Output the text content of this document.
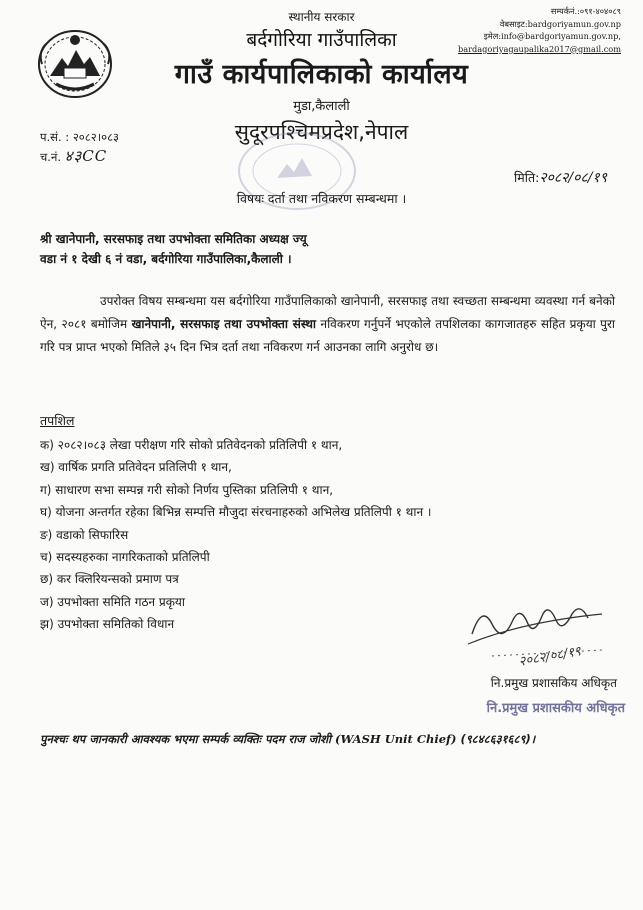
स्थानीय सरकार
बर्दगोरिया गाउँपालिका
गाउँ कार्यपालिकाको कार्यालय
मुडा,कैलाली
सुदूरपश्चिमप्रदेश,नेपाल
सम्पर्कनं.:०९१-४०४०८९
वेबसाइट:bardgoriyamun.gov.np
इमेल:info@bardgoriyamun.gov.np,
bardagoriyagaupalika2017@gmail.com
प.सं. : २०८२।०८३
च.नं. ४३CC
मिति:२०८२/०८/१९
विषयः दर्ता तथा नविकरण सम्बन्धमा ।
श्री खानेपानी, सरसफाइ तथा उपभोक्ता समितिका अध्यक्ष ज्यू
वडा नं १ देखी ६ नं वडा, बर्दगोरिया गाउँपालिका,कैलाली ।
उपरोक्त विषय सम्बन्धमा यस बर्दगोरिया गाउँपालिकाको खानेपानी, सरसफाइ तथा स्वच्छता सम्बन्धमा व्यवस्था गर्न बनेको ऐन, २०८१ बमोजिम खानेपानी, सरसफाइ तथा उपभोक्ता संस्था नविकरण गर्नुपर्ने भएकोले तपशिलका कागजातहरु सहित प्रकृया पुरा गरि पत्र प्राप्त भएको मितिले ३५ दिन भित्र दर्ता तथा नविकरण गर्न आउनका लागि अनुरोध छ।
तपशिल
क) २०८२।०८३ लेखा परीक्षण गरि सोको प्रतिवेदनको प्रतिलिपी १ थान,
ख) वार्षिक प्रगति प्रतिवेदन प्रतिलिपी १ थान,
ग) साधारण सभा सम्पन्न गरी सोको निर्णय पुस्तिका प्रतिलिपी १ थान,
घ) योजना अन्तर्गत रहेका बिभिन्न सम्पत्ति मौजुदा संरचनाहरुको अभिलेख प्रतिलिपी १ थान ।
ङ) वडाको सिफारिस
च) सदस्यहरुका नागरिकताको प्रतिलिपी
छ) कर क्लिरियन्सको प्रमाण पत्र
ज) उपभोक्ता समिति गठन प्रकृया
झ) उपभोक्ता समितिको विधान
२०८२/०८/१९
नि.प्रमुख प्रशासकिय अधिकृत
नि.प्रमुख प्रशासकीय अधिकृत
पुनश्चः थप जानकारी आवश्यक भएमा सम्पर्क व्यक्तिः पदम राज जोशी (WASH Unit Chief) (९८४८६३१६८९)।
